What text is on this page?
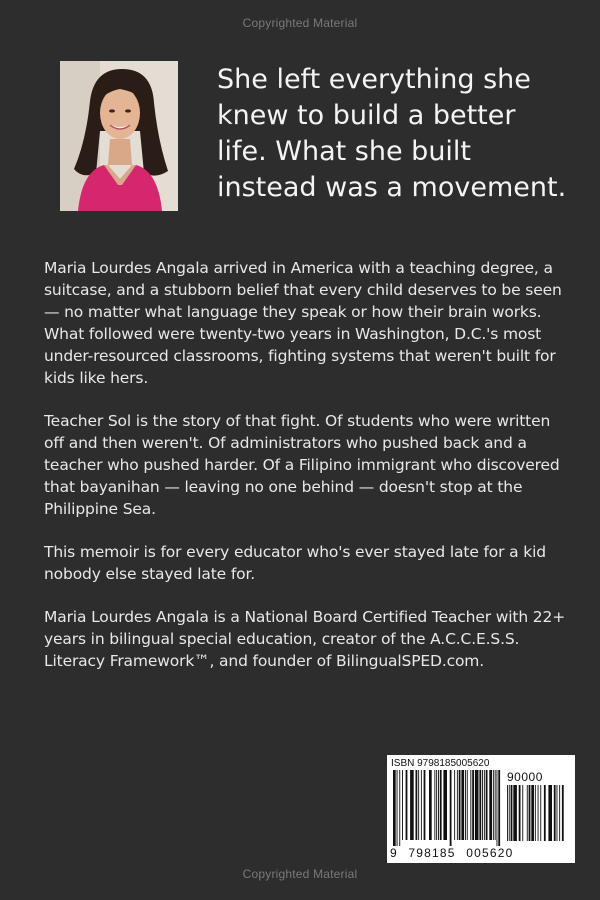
Copyrighted Material
She left everything she
knew to build a better
life. What she built
instead was a movement.

Maria Lourdes Angala arrived in America with a teaching degree, a suitcase, and a stubborn belief that every child deserves to be seen — no matter what language they speak or how their brain works. What followed were twenty-two years in Washington, D.C.'s most under-resourced classrooms, fighting systems that weren't built for kids like hers.

Teacher Sol is the story of that fight. Of students who were written off and then weren't. Of administrators who pushed back and a teacher who pushed harder. Of a Filipino immigrant who discovered that bayanihan — leaving no one behind — doesn't stop at the Philippine Sea.

This memoir is for every educator who's ever stayed late for a kid nobody else stayed late for.

Maria Lourdes Angala is a National Board Certified Teacher with 22+ years in bilingual special education, creator of the A.C.C.E.S.S. Literacy Framework™, and founder of BilingualSPED.com.

ISBN 9798185005620
90000
9 798185 005620
Copyrighted Material
